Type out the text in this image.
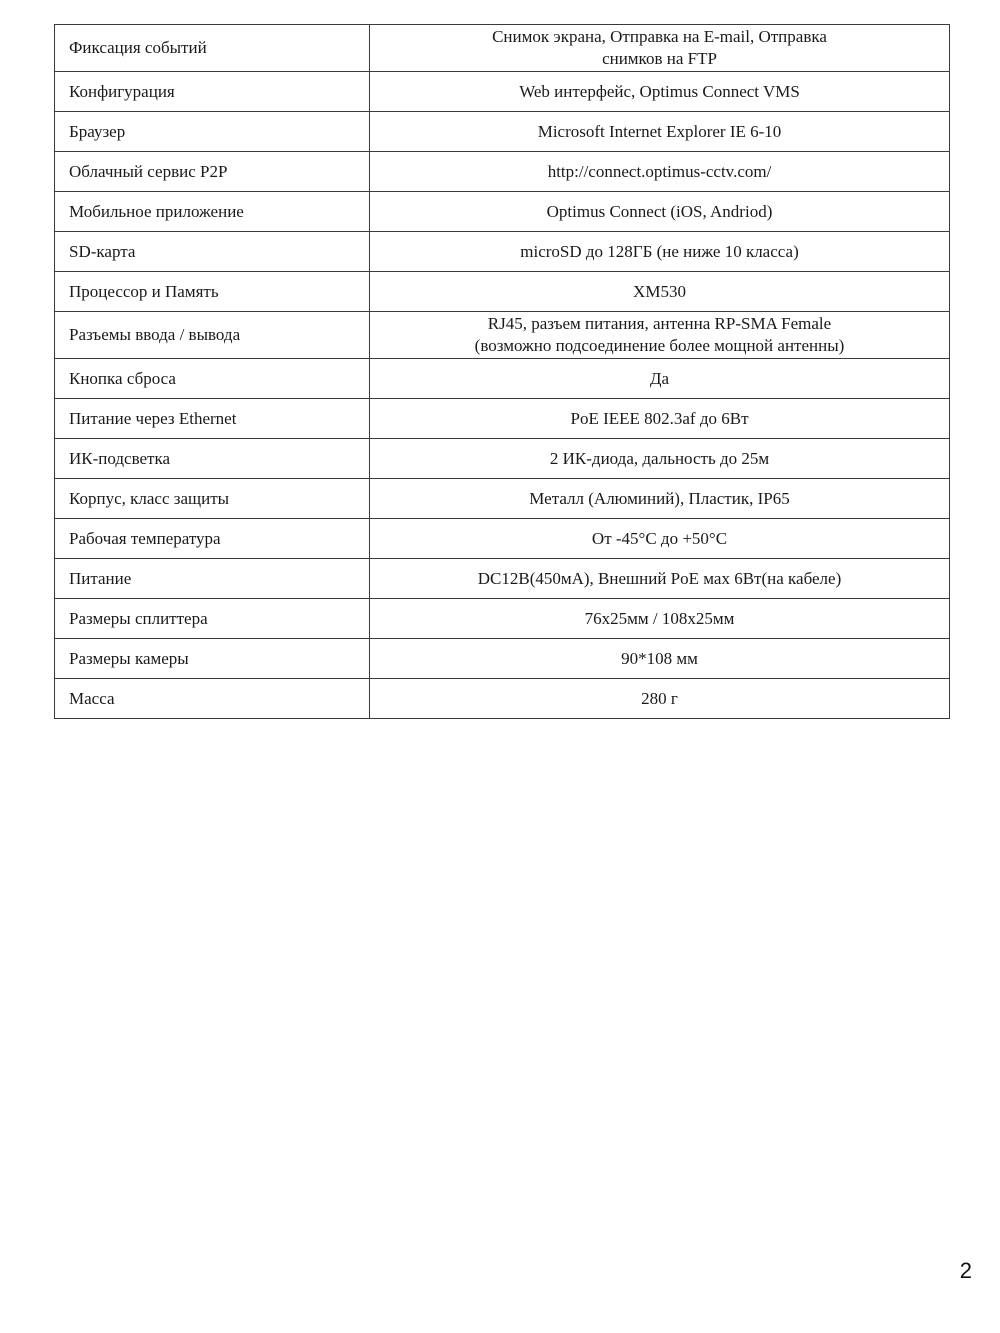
Фиксация событий	Снимок экрана, Отправка на E-mail, Отправка
снимков на FTP

Конфигурация	Web интерфейс, Optimus Connect VMS

Браузер	Microsoft Internet Explorer IE 6-10

Облачный сервис P2P	http://connect.optimus-cctv.com/

Мобильное приложение	Optimus Connect (iOS, Andriod)

SD-карта	microSD до 128ГБ (не ниже 10 класса)

Процессор и Память	XM530

Разъемы ввода / вывода	RJ45, разъем питания, антенна RP-SMA Female
(возможно подсоединение более мощной антенны)

Кнопка сброса	Да

Питание через Ethernet	PoE IEEE 802.3af до 6Вт

ИК-подсветка	2 ИК-диода, дальность до 25м

Корпус, класс защиты	Металл (Алюминий), Пластик, IP65

Рабочая температура	От -45°C до +50°C

Питание	DC12В(450мА), Внешний PoE мах 6Вт(на кабеле)

Размеры сплиттера	76x25мм / 108x25мм

Размеры камеры	90*108 мм

Масса	280 г
2
